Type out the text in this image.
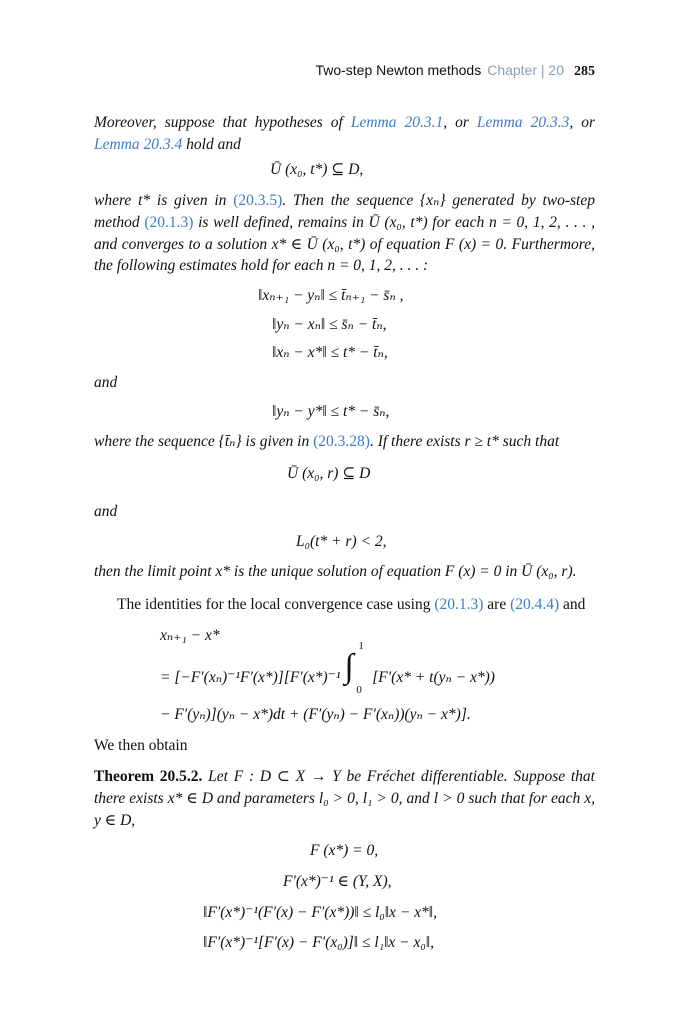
Two-step Newton methods Chapter | 20 285
Moreover, suppose that hypotheses of Lemma 20.3.1, or Lemma 20.3.3, or Lemma 20.3.4 hold and
Ū (x₀, t*) ⊆ D,
where t* is given in (20.3.5). Then the sequence {xₙ} generated by two-step method (20.1.3) is well defined, remains in Ū (x₀, t*) for each n = 0, 1, 2, . . . , and converges to a solution x* ∈ Ū (x₀, t*) of equation F (x) = 0. Furthermore, the following estimates hold for each n = 0, 1, 2, . . . :
‖xₙ₊₁ − yₙ‖ ≤ t̄ₙ₊₁ − s̄ₙ ,
‖yₙ − xₙ‖ ≤ s̄ₙ − t̄ₙ,
‖xₙ − x*‖ ≤ t* − t̄ₙ,
and
‖yₙ − y*‖ ≤ t* − s̄ₙ,
where the sequence {t̄ₙ} is given in (20.3.28). If there exists r ≥ t* such that
Ū (x₀, r) ⊆ D
and
L₀(t* + r) < 2,
then the limit point x* is the unique solution of equation F (x) = 0 in Ū (x₀, r).
The identities for the local convergence case using (20.1.3) are (20.4.4) and
xₙ₊₁ − x*
= [−F′(xₙ)⁻¹F′(x*)][F′(x*)⁻¹ ∫
1
0
[F′(x* + t(yₙ − x*))
− F′(yₙ)](yₙ − x*)dt + (F′(yₙ) − F′(xₙ))(yₙ − x*)].
We then obtain
Theorem 20.5.2. Let F : D ⊂ X → Y be Fréchet differentiable. Suppose that there exists x* ∈ D and parameters l₀ > 0, l₁ > 0, and l > 0 such that for each x, y ∈ D,
F (x*) = 0,
F′(x*)⁻¹ ∈ (Y, X),
‖F′(x*)⁻¹(F′(x) − F′(x*))‖ ≤ l₀‖x − x*‖,
‖F′(x*)⁻¹[F′(x) − F′(x₀)]‖ ≤ l₁‖x − x₀‖,
